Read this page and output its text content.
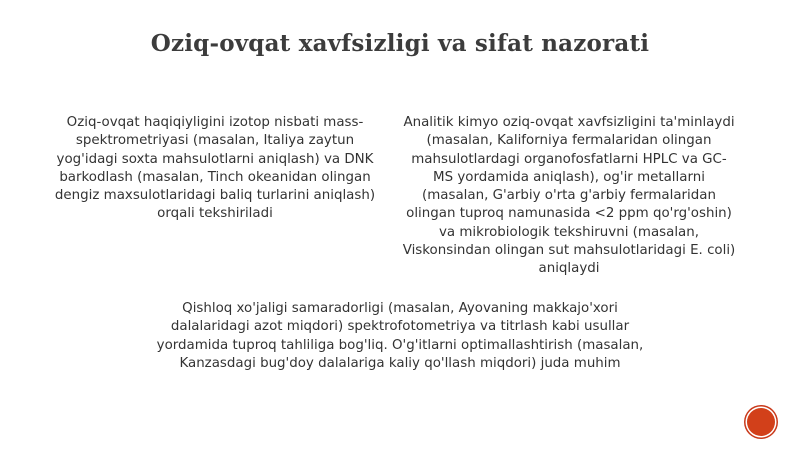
Oziq-ovqat xavfsizligi va sifat nazorati
Oziq-ovqat haqiqiyligini izotop nisbati mass-spektrometriyasi (masalan, Italiya zaytun yog'idagi soxta mahsulotlarni aniqlash) va DNK barkodlash (masalan, Tinch okeanidan olingan dengiz maxsulotlaridagi baliq turlarini aniqlash) orqali tekshiriladi
Analitik kimyo oziq-ovqat xavfsizligini ta'minlaydi (masalan, Kaliforniya fermalaridan olingan mahsulotlardagi organofosfatlarni HPLC va GC-MS yordamida aniqlash), og'ir metallarni (masalan, G'arbiy o'rta g'arbiy fermalaridan olingan tuproq namunasida <2 ppm qo'rg'oshin) va mikrobiologik tekshiruvni (masalan, Viskonsindan olingan sut mahsulotlaridagi E. coli) aniqlaydi
Qishloq xo'jaligi samaradorligi (masalan, Ayovaning makkajo'xori dalalaridagi azot miqdori) spektrofotometriya va titrlash kabi usullar yordamida tuproq tahliliga bog'liq. O'g'itlarni optimallashtirish (masalan, Kanzasdagi bug'doy dalalariga kaliy qo'llash miqdori) juda muhim
